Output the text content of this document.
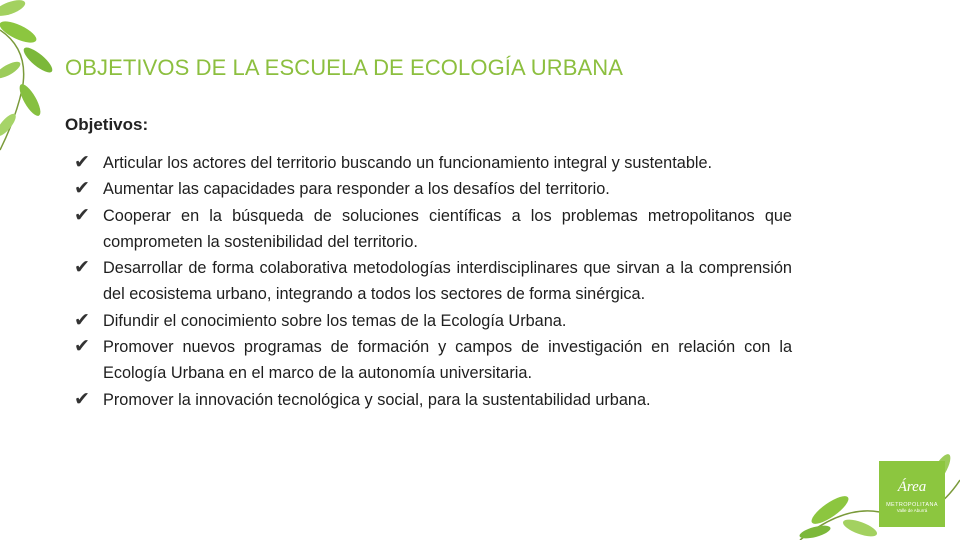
OBJETIVOS DE LA ESCUELA DE ECOLOGÍA URBANA
Objetivos:
✔ Articular los actores del territorio buscando un funcionamiento integral y sustentable.
✔ Aumentar las capacidades para responder a los desafíos del territorio.
✔ Cooperar en la búsqueda de soluciones científicas a los problemas metropolitanos que comprometen la sostenibilidad del territorio.
✔ Desarrollar de forma colaborativa metodologías interdisciplinares que sirvan a la comprensión del ecosistema urbano, integrando a todos los sectores de forma sinérgica.
✔ Difundir el conocimiento sobre los temas de la Ecología Urbana.
✔ Promover nuevos programas de formación y campos de investigación en relación con la Ecología Urbana en el marco de la autonomía universitaria.
✔ Promover la innovación tecnológica y social, para la sustentabilidad urbana.
Área
METROPOLITANA
Valle de Aburrá
